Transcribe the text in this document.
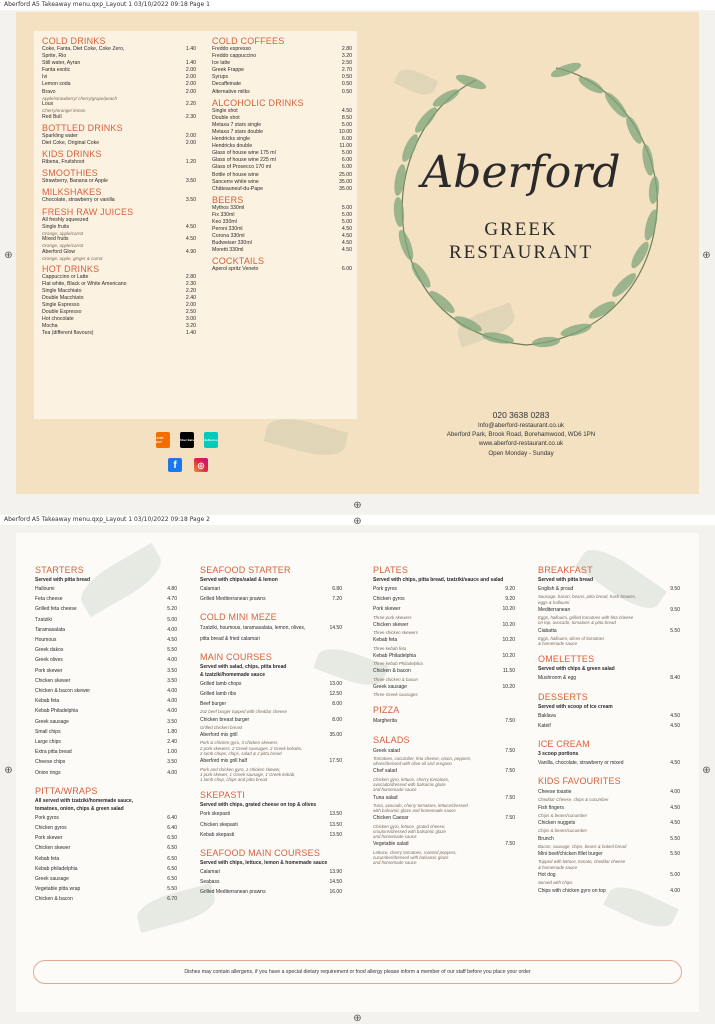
Aberford A5 Takeaway menu.qxp_Layout 1 03/10/2022 09:18 Page 1
COLD DRINKS
Coke, Fanta, Diet Coke, Coke Zero,	1.40
Sprite, Rio
Still water, Ayran	1.40
Fanta exotic	2.00
Ivi	2.00
Lemon soda	2.00
Bravo	2.00
Apple/strawberry/ cherry/grape/peach
Loux	2.20
Cherry/orange/ lemon
Red Bull	2.30
BOTTLED DRINKS
Sparkling water	2.00
Diet Coke, Original Coke	2.00
KIDS DRINKS
Ribena, Fruitshoot	1.20
SMOOTHIES
Strawberry, Banana or Apple	3.50
MILKSHAKES
Chocolate, strawberry or vanilla	3.50
FRESH RAW JUICES
All freshly squeezed
Single fruits	4.50
Orange, apple/carrot
Mixed fruits	4.50
Orange, apple/carrot
Aberford Glow	4.90
Orange, apple, ginger & carrot
HOT DRINKS
Cappuccino or Latte	2.80
Flat white, Black or White Americano	2.30
Single Macchiato	2.20
Double Macchiato	2.40
Single Espresso	2.00
Double Espresso	2.50
Hot chocolate	3.00
Mocha	3.20
Tea (different flavours)	1.40
COLD COFFEES
Freddo espresso	2.80
Freddo cappuccino	3.20
Ice latte	2.50
Greek Frappe	2.70
Syrups	0.50
Decaffeinate	0.50
Alternative milks	0.50
ALCOHOLIC DRINKS
Single shot	4.50
Double shot	8.50
Metaxa 7 stars single	5.00
Metaxa 7 stars double	10.00
Hendricks single	6.00
Hendricks double	11.00
Glass of house wine 175 ml	5.00
Glass of house wine 225 ml	6.00
Glass of Prosecco 170 ml	6.00
Bottle of house wine	25.00
Sancerre white wine	35.00
Châteauneuf-du-Pape	35.00
BEERS
Mythos 330ml	5.00
Fix 330ml	5.00
Keo 330ml	5.00
Peroni 330ml	4.50
Corona 330ml	4.50
Budweiser 330ml	4.50
Moretti 330ml	4.50
COCKTAILS
Aperol spritz Veneto	6.00
JUST EAT	Uber Eats	deliveroo
f	◎
Aberford
GREEK
RESTAURANT
020 3638 0283
Info@aberford-restaurant.co.uk
Aberford Park, Brook Road, Borehamwood, WD6 1PN
www.aberford-restaurant.co.uk
Open Monday - Sunday
⊕	⊕
⊕
Aberford A5 Takeaway menu.qxp_Layout 1 03/10/2022 09:18 Page 2	⊕
STARTERS
Served with pitta bread
Halloumi	4.80
Feta cheese	4.70
Grilled feta cheese	5.20
Tzatziki	5.00
Taramasalata	4.00
Houmous	4.50
Greek dakos	5.50
Greek olives	4.00
Pork skewer	3.50
Chicken skewer	3.50
Chicken & bacon skewer	4.00
Kebab feta	4.00
Kebab Philadelphia	4.00
Greek sausage	3.50
Small chips	1.80
Large chips	2.40
Extra pitta bread	1.00
Cheese chips	3.50
Onion rings	4.00
PITTA/WRAPS
All served with tzatziki/homemade sauce,
tomatoes, onion, chips & green salad
Pork gyros	6.40
Chicken gyros	6.40
Pork skewer	6.50
Chicken skewer	6.50
Kebab feta	6.50
Kebab philadelphia	6.50
Greek sausage	6.50
Vegetable pitta wrap	5.50
Chicken & bacon	6.70
SEAFOOD STARTER
Served with chips/salad & lemon
Calamari	6.80
Grilled Mediterranean prawns	7.20
COLD MINI MEZE
Tzatziki, houmous, taramasalata, lemon, olives,	14.50
pitta bread & fried calamari
MAIN COURSES
Served with salad, chips, pitta bread
& tzatziki/homemade sauce
Grilled lamb chops	13.00
Grilled lamb ribs	12.50
Beef burger	8.00
2oz beef burger topped with cheddar cheese
Chicken breast burger	8.00
Grilled chicken breast
Aberford mix grill	35.00
Pork & chicken gyro, 3 chicken skewers,
2 pork skewers, 2 Greek sausages, 2 Greek kebabs,
2 lamb chops, chips, salad & 2 pitta bread
Aberford mix grill half	17.50
Pork and chicken gyro, 1 chicken skewer,
1 pork skewer, 1 Greek sausage, 1 Greek kebab,
1 lamb chop, chips and pitta bread
SKEPASTI
Served with chips, grated cheese on top & olives
Pork skepasti	13.50
Chicken skepasti	13.50
Kebab skepasti	13.50
SEAFOOD MAIN COURSES
Served with chips, lettuce, lemon & homemade sauce
Calamari	13.90
Seabass	14.50
Grilled Mediterranean prawns	16.00
PLATES
Served with chips, pitta bread, tzatziki/sauce and salad
Pork gyros	9.20
Chicken gyros	9.20
Pork skewer	10.20
Three pork skewers
Chicken skewer	10.20
Three chicken skewers
Kebab feta	10.20
Three kebab feta
Kebab Philadelphia	10.20
Three kebab Philadelphia
Chicken & bacon	11.50
Three chicken & bacon
Greek sausage	10.20
Three Greek sausages
PIZZA
Margherita	7.50
SALADS
Greek salad	7.50
Tomatoes, cucumber, feta cheese, onion, peppers,
olives/dressed with olive oil and oregano
Chef salad	7.50
Chicken gyro, lettuce, cherry tomatoes,
avocado/dressed with balsamic glaze
and homemade sauce
Tuna salad	7.50
Tuna, avocado, cherry tomatoes, lettuce/dressed
with balsamic glaze and homemade sauce
Chicken Caesar	7.50
Chicken gyro, lettuce, grated cheese,
croutons/dressed with balsamic glaze
and homemade sauce
Vegetable salad	7.50
Lettuce, cherry tomatoes, roasted peppers,
cucumber/dressed with balsamic glaze
and homemade sauce
BREAKFAST
Served with pitta bread
English & proud	9.50
Sausage, bacon, beans, pitta bread, hash browns,
eggs & halloumi
Mediterranean	9.50
Eggs, halloumi, grilled tomatoes with feta cheese
on top, avocado, tomatoes & pitta bread
Ciabatta	5.50
Eggs, halloumi, slices of tomatoes
& homemade sauce
OMELETTES
Served with chips & green salad
Mushroom & egg	8.40
DESSERTS
Served with scoop of ice cream
Baklava	4.50
Kateif	4.50
ICE CREAM
3 scoop portions
Vanilla, chocolate, strawberry or mixed	4.50
KIDS FAVOURITES
Cheese toastie	4.00
Cheddar Cheese, chips & cucumber
Fish fingers	4.50
Chips & beans/cucumber
Chicken nuggets	4.50
Chips & beans/cucumber
Brunch	5.50
Bacon, sausage, chips, beans & baked bread
Mini beef/chicken fillet burger	5.50
Topped with lettuce, tomato, cheddar cheese
& homemade sauce
Hot dog	5.00
Served with chips
Chips with chicken gyro on top	4.00
Dishes may contain allergens, if you have a special dietary requirement or food allergy please inform a member of our staff before you place your order
⊕	⊕
⊕
